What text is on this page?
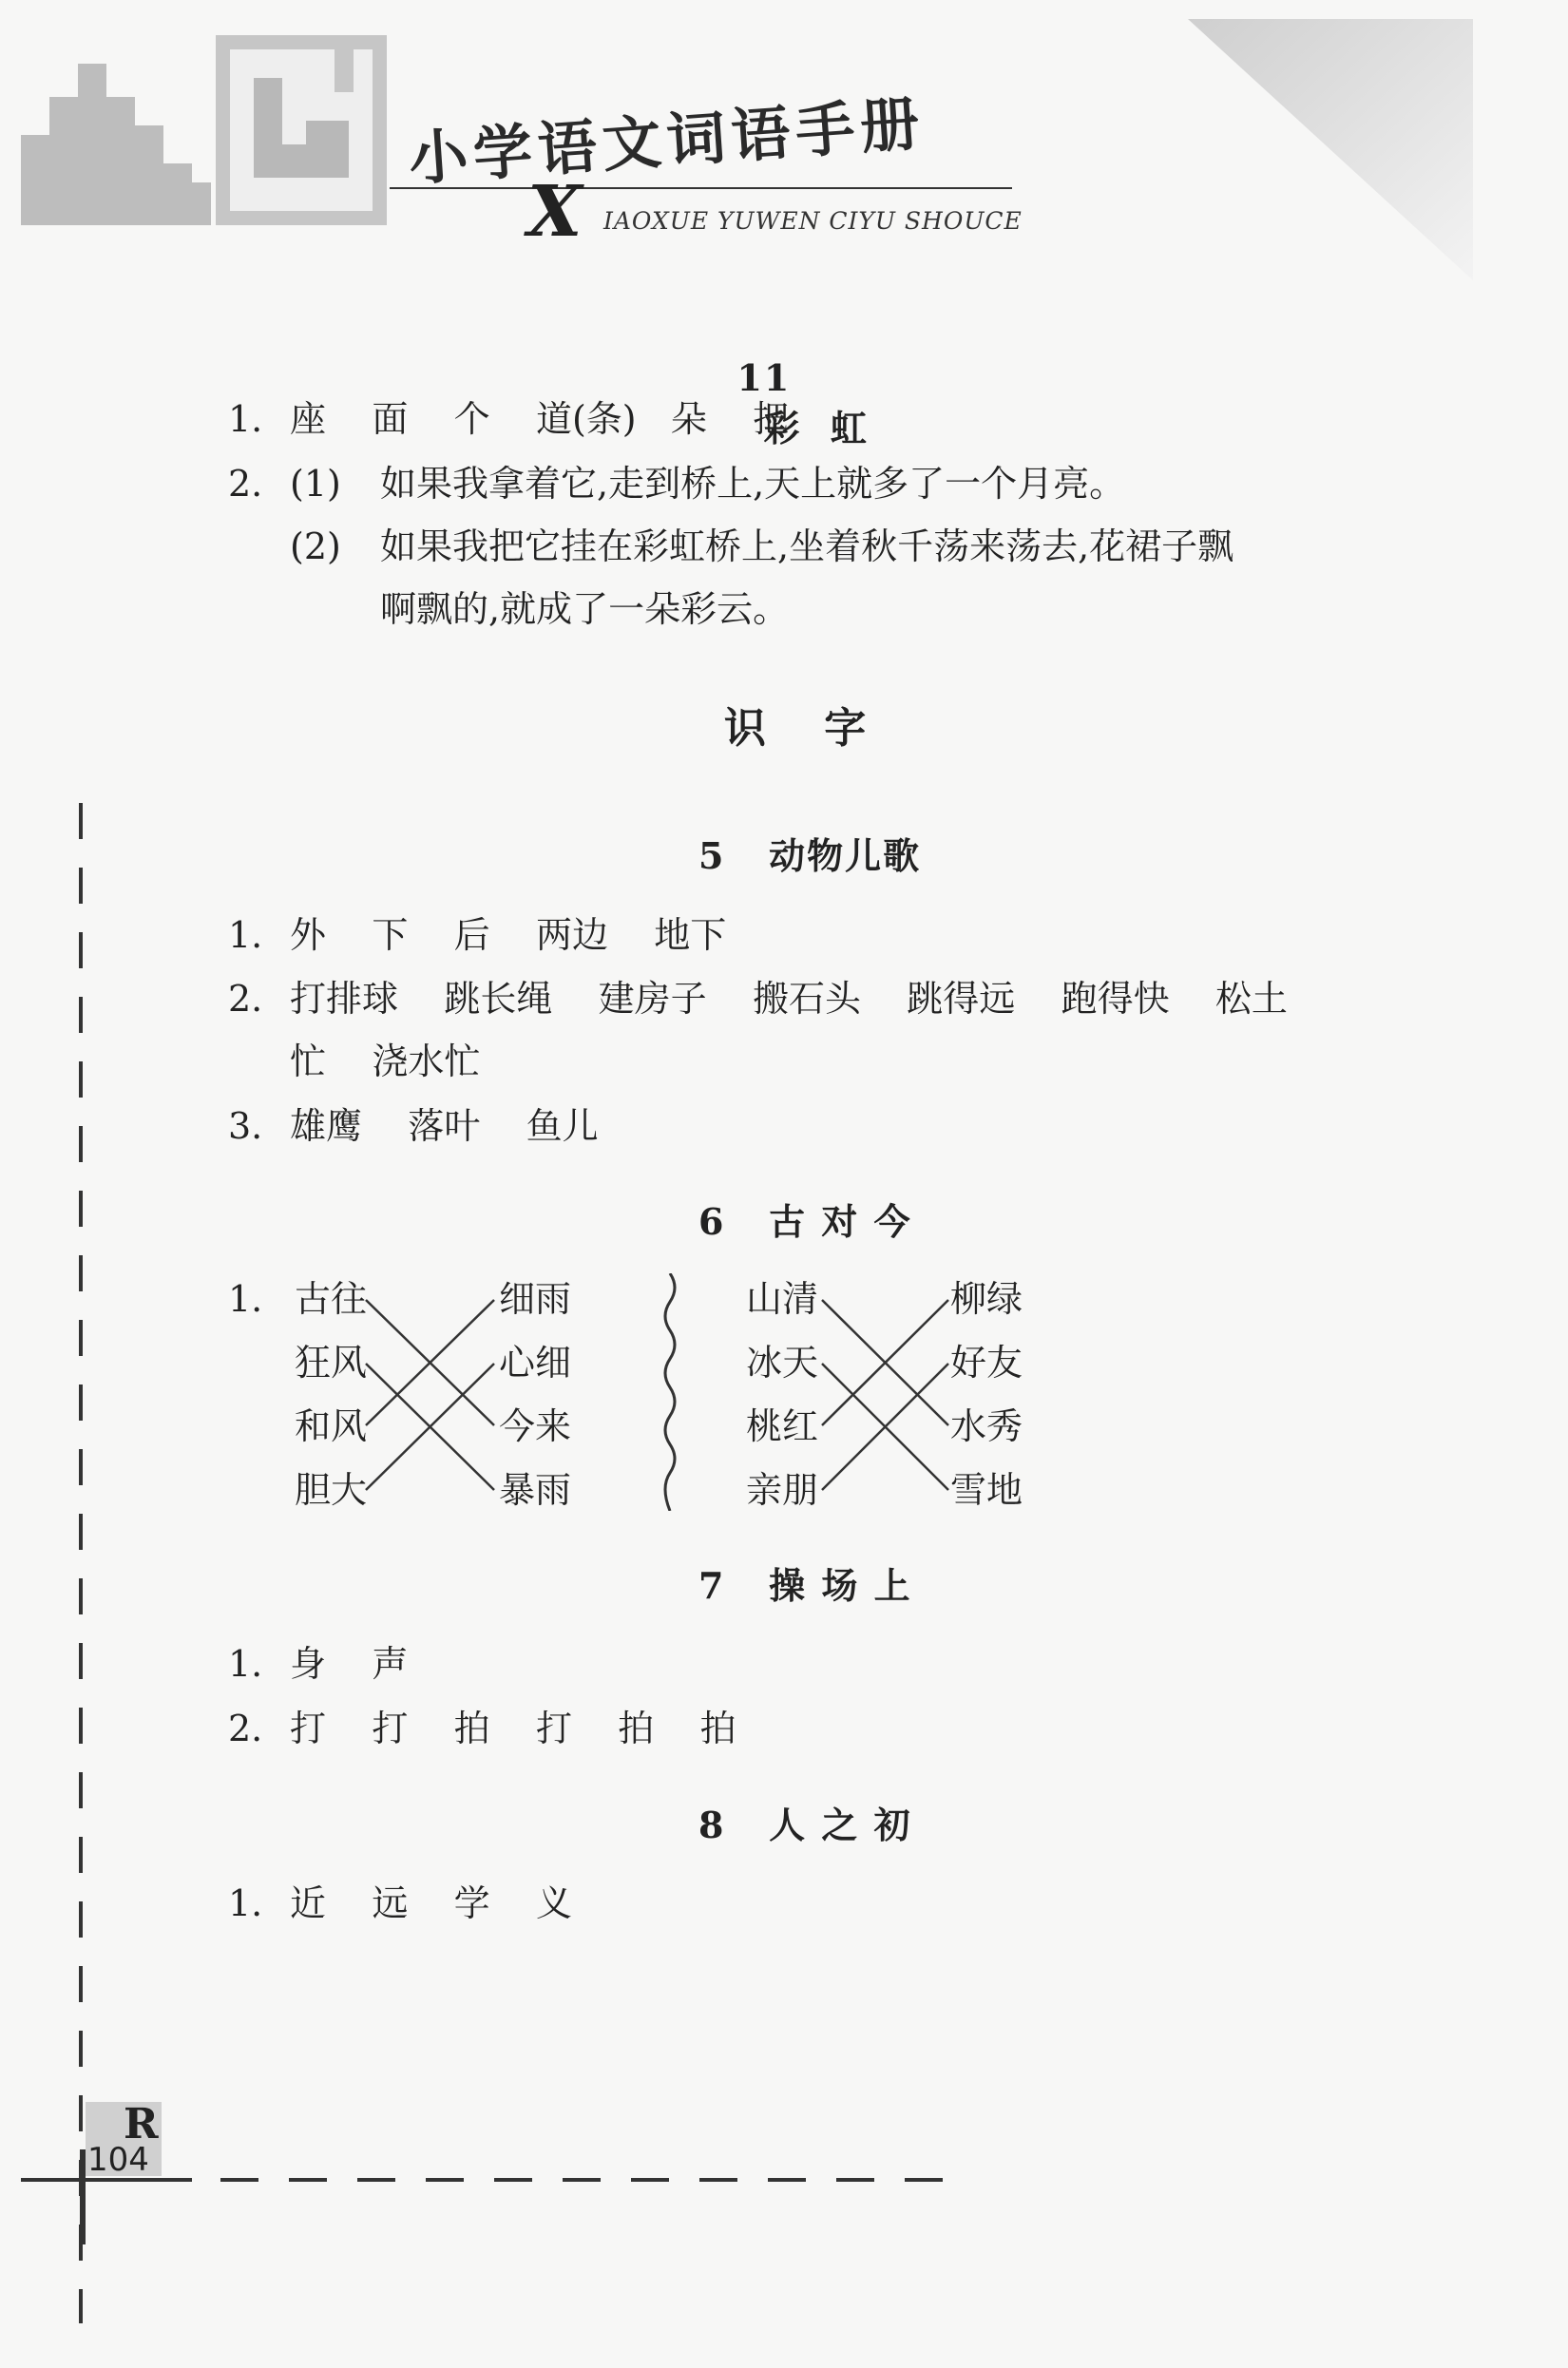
小学语文词语手册
X IAOXUE YUWEN CIYU SHOUCE

11
彩  虹

1. 座    面    个    道(条)   朵    把
2. (1) 如果我拿着它,走到桥上,天上就多了一个月亮。
(2) 如果我把它挂在彩虹桥上,坐着秋千荡来荡去,花裙子飘
啊飘的,就成了一朵彩云。
识    字
5   动物儿歌
1. 外    下    后    两边    地下
2. 打排球    跳长绳    建房子    搬石头    跳得远    跑得快    松土
忙    浇水忙
3. 雄鹰    落叶    鱼儿
6   古 对 今
1. 古往
狂风
和风
胆大
细雨
心细
今来
暴雨
山清
冰天
桃红
亲朋
柳绿
好友
水秀
雪地
7   操 场 上
1. 身    声
2. 打    打    拍    打    拍    拍
8   人 之 初
1. 近    远    学    义
R
104
